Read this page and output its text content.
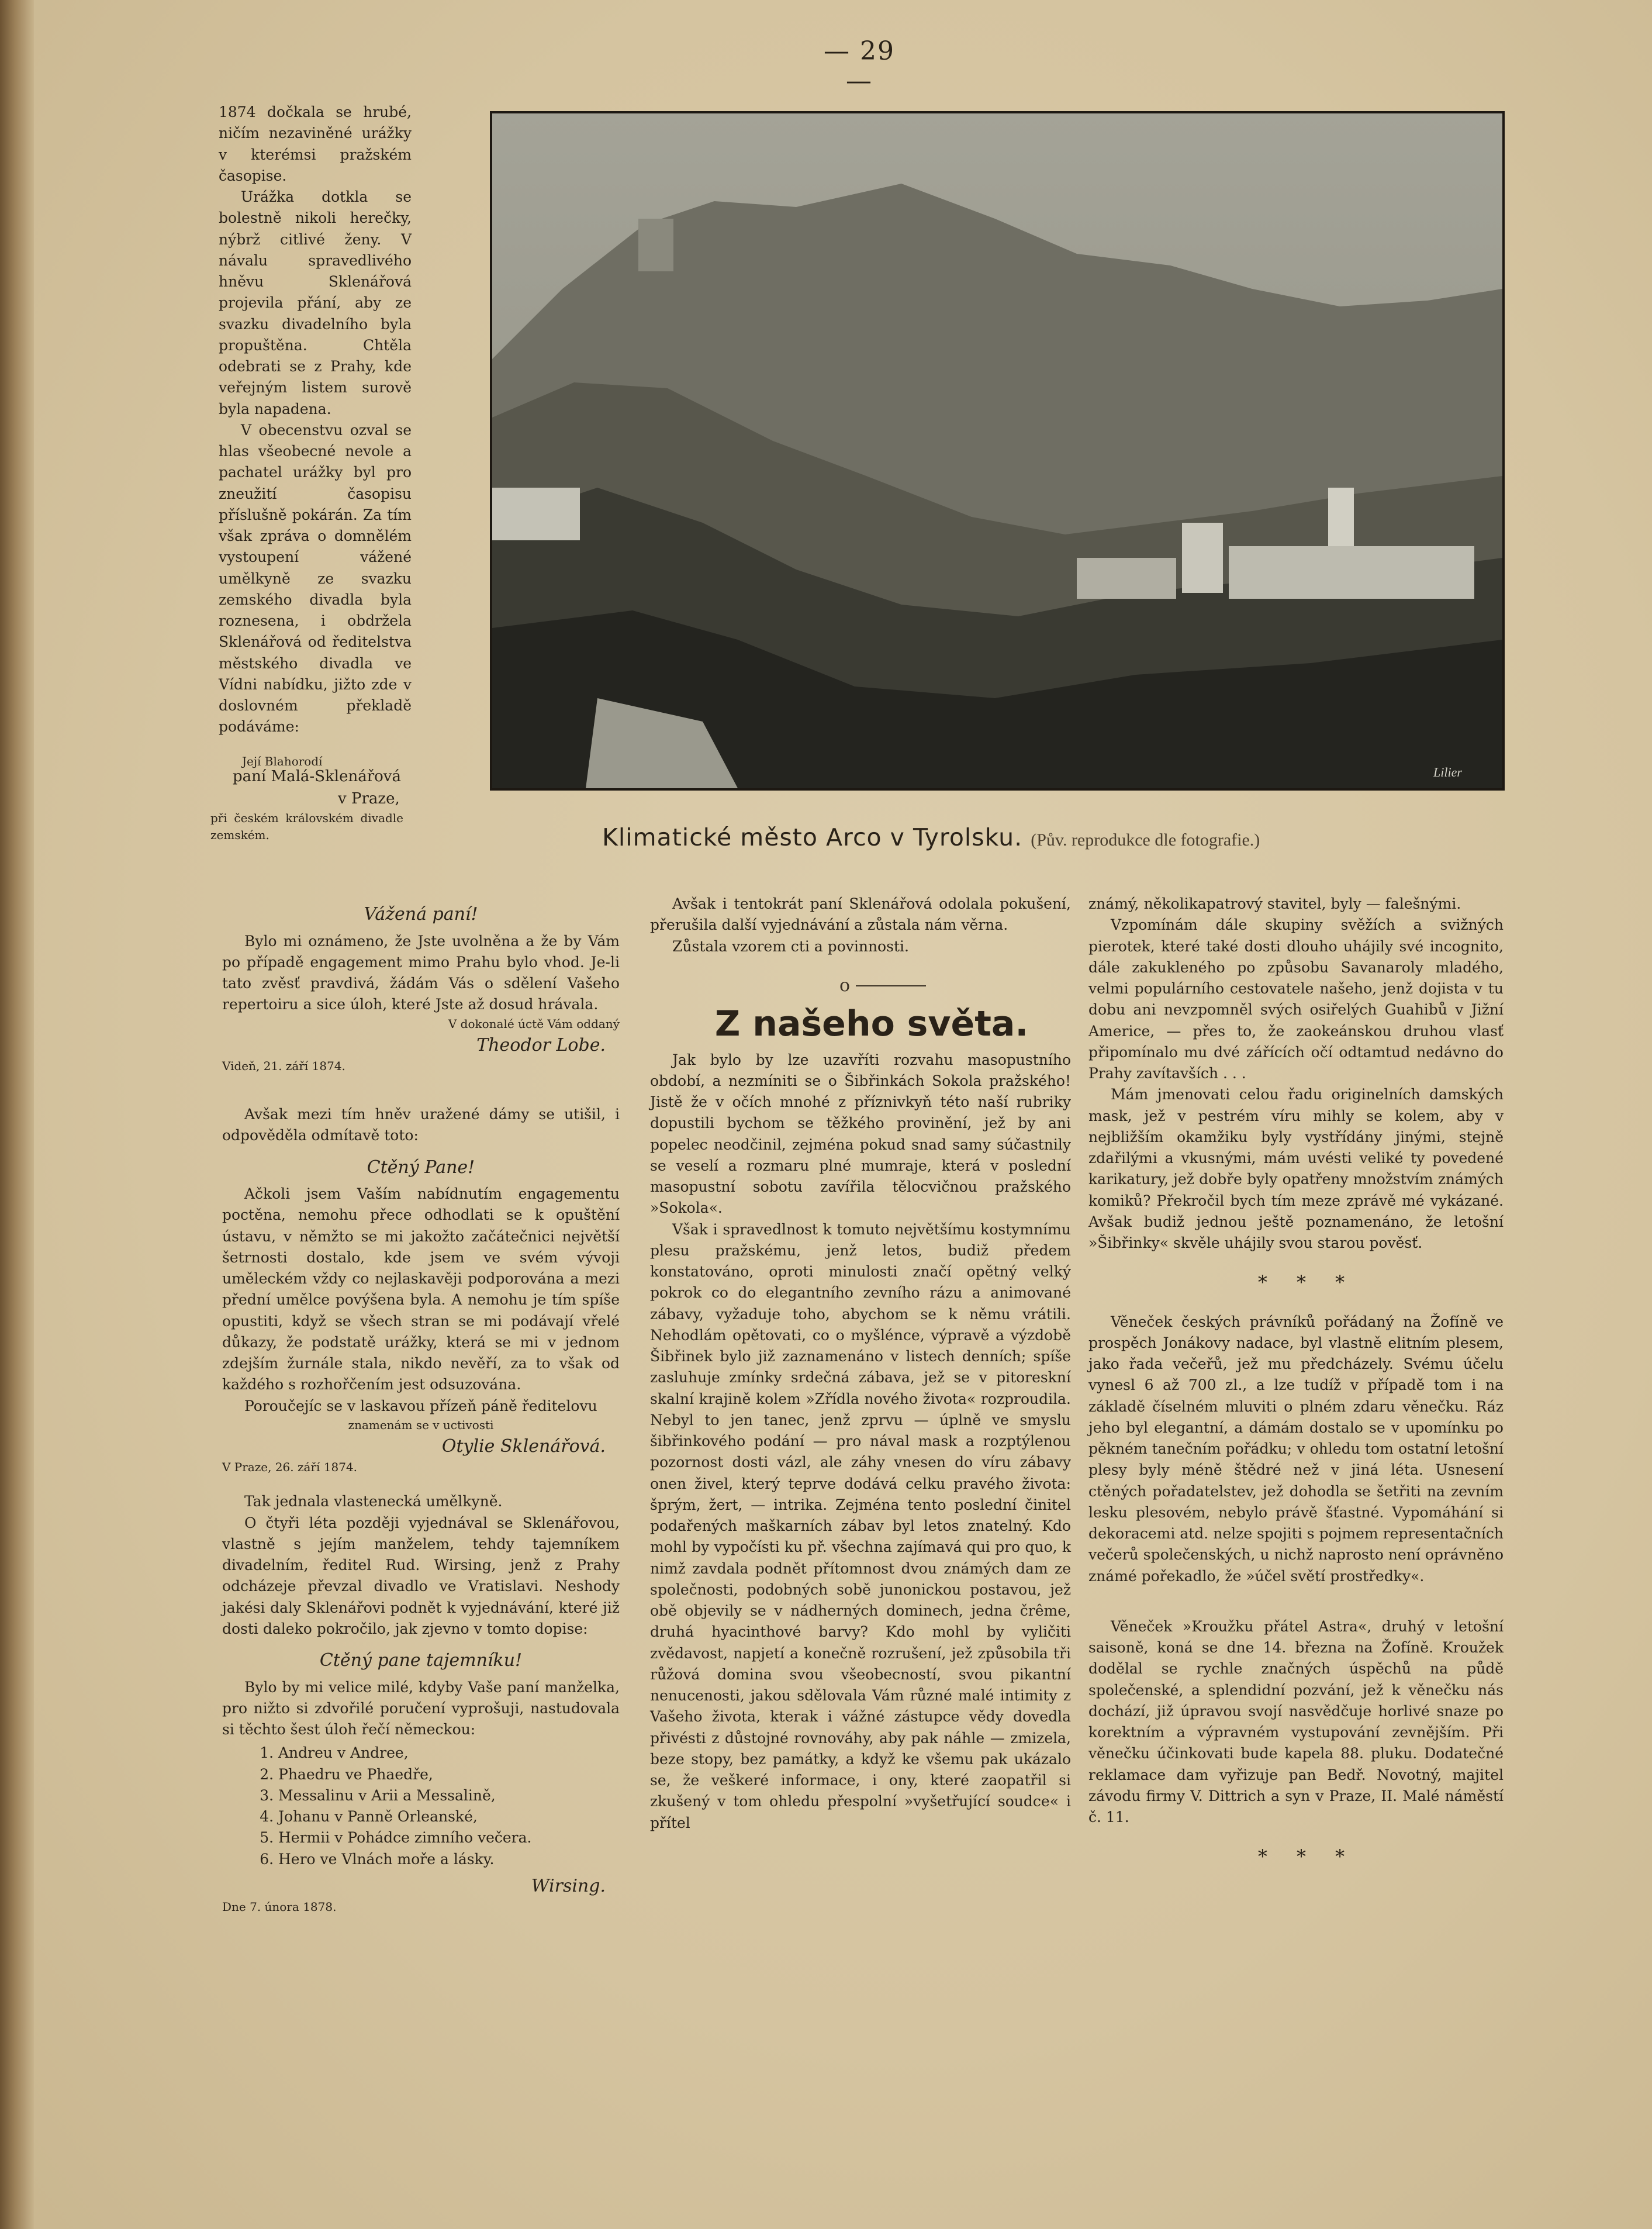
— 29 —
Lilier
Klimatické město Arco v Tyrolsku. (Pův. reprodukce dle fotografie.)

1874 dočkala se hrubé, ničím nezaviněné urážky v kterémsi pražském časopise.

Urážka dotkla se bolestně nikoli herečky, nýbrž citlivé ženy. V návalu spravedlivého hněvu Sklenářová projevila přání, aby ze svazku divadelního byla propuštěna. Chtěla odebrati se z Prahy, kde veřejným listem surově byla napadena.

V obecenstvu ozval se hlas všeobecné nevole a pachatel urážky byl pro zneužití časopisu příslušně pokárán. Za tím však zpráva o domnělém vystoupení vážené umělkyně ze svazku zemského divadla byla roznesena, i obdržela Sklenářová od ředitelstva městského divadla ve Vídni nabídku, jižto zde v doslovném překladě podáváme:

Její Blahorodí

paní Malá-Sklenářová

v Praze,

při českém královském divadle zemském.

Vážená paní!

Bylo mi oznámeno, že Jste uvolněna a že by Vám po případě engagement mimo Prahu bylo vhod. Je-li tato zvěsť pravdivá, žádám Vás o sdělení Vašeho repertoiru a sice úloh, které Jste až dosud hrávala.

V dokonalé úctě Vám oddaný

Theodor Lobe.

Videň, 21. září 1874.

Avšak mezi tím hněv uražené dámy se utišil, i odpověděla odmítavě toto:

Ctěný Pane!

Ačkoli jsem Vaším nabídnutím engagementu poctěna, nemohu přece odhodlati se k opuštění ústavu, v němžto se mi jakožto začátečnici největší šetrnosti dostalo, kde jsem ve svém vývoji uměleckém vždy co nejlaskavěji podporována a mezi přední umělce povýšena byla. A nemohu je tím spíše opustiti, když se všech stran se mi podávají vřelé důkazy, že podstatě urážky, která se mi v jednom zdejším žurnále stala, nikdo nevěří, za to však od každého s rozhořčením jest odsuzována.

Poroučejíc se v laskavou přízeň páně ředitelovu

znamenám se v uctivosti

Otylie Sklenářová.

V Praze, 26. září 1874.

Tak jednala vlastenecká umělkyně.

O čtyři léta později vyjednával se Sklenářovou, vlastně s jejím manželem, tehdy tajemníkem divadelním, ředitel Rud. Wirsing, jenž z Prahy odcházeje převzal divadlo ve Vratislavi. Neshody jakési daly Sklenářovi podnět k vyjednávání, které již dosti daleko pokročilo, jak zjevno v tomto dopise:

Ctěný pane tajemníku!

Bylo by mi velice milé, kdyby Vaše paní manželka, pro nižto si zdvořilé poručení vyprošuji, nastudovala si těchto šest úloh řečí německou:

1. Andreu v Andree,
2. Phaedru ve Phaedře,
3. Messalinu v Arii a Messalině,
4. Johanu v Panně Orleanské,
5. Hermii v Pohádce zimního večera.
6. Hero ve Vlnách moře a lásky.

Wirsing.

Dne 7. února 1878.

Avšak i tentokrát paní Sklenářová odolala pokušení, přerušila další vyjednávání a zůstala nám věrna.

Zůstala vzorem cti a povinnosti.

o

Z našeho světa.

Jak bylo by lze uzavříti rozvahu masopustního období, a nezmíniti se o Šibřinkách Sokola pražského! Jistě že v očích mnohé z příznivkyň této naší rubriky dopustili bychom se těžkého provinění, jež by ani popelec neodčinil, zejména pokud snad samy súčastnily se veselí a rozmaru plné mumraje, která v poslední masopustní sobotu zavířila tělocvičnou pražského »Sokola«.

Však i spravedlnost k tomuto největšímu kostymnímu plesu pražskému, jenž letos, budiž předem konstatováno, oproti minulosti značí opětný velký pokrok co do elegantního zevního rázu a animované zábavy, vyžaduje toho, abychom se k němu vrátili. Nehodlám opětovati, co o myšlénce, výpravě a výzdobě Šibřinek bylo již zaznamenáno v listech denních; spíše zasluhuje zmínky srdečná zábava, jež se v pitoreskní skalní krajině kolem »Zřídla nového života« rozproudila. Nebyl to jen tanec, jenž zprvu — úplně ve smyslu šibřinkového podání — pro nával mask a rozptýlenou pozornost dosti vázl, ale záhy vnesen do víru zábavy onen živel, který teprve dodává celku pravého života: šprým, žert, — intrika. Zejména tento poslední činitel podařených maškarních zábav byl letos znatelný. Kdo mohl by vypočísti ku př. všechna zajímavá qui pro quo, k nimž zavdala podnět přítomnost dvou známých dam ze společnosti, podobných sobě junonickou postavou, jež obě objevily se v nádherných dominech, jedna črême, druhá hyacinthové barvy? Kdo mohl by vyličiti zvědavost, napjetí a konečně rozrušení, jež způsobila tři růžová domina svou všeobecností, svou pikantní nenucenosti, jakou sdělovala Vám různé malé intimity z Vašeho života, kterak i vážné zástupce vědy dovedla přivésti z důstojné rovnováhy, aby pak náhle — zmizela, beze stopy, bez památky, a když ke všemu pak ukázalo se, že veškeré informace, i ony, které zaopatřil si zkušený v tom ohledu přespolní »vyšetřující soudce« i přítel

známý, několikapatrový stavitel, byly — falešnými.

Vzpomínám dále skupiny svěžích a svižných pierotek, které také dosti dlouho uhájily své incognito, dále zakukleného po způsobu Savanaroly mladého, velmi populárního cestovatele našeho, jenž dojista v tu dobu ani nevzpomněl svých osiřelých Guahibů v Jižní Americe, — přes to, že zaokeánskou druhou vlasť připomínalo mu dvé zářících očí odtamtud nedávno do Prahy zavítavších . . .

Mám jmenovati celou řadu originelních damských mask, jež v pestrém víru mihly se kolem, aby v nejbližším okamžiku byly vystřídány jinými, stejně zdařilými a vkusnými, mám uvésti veliké ty povedené karikatury, jež dobře byly opatřeny množstvím známých komiků? Překročil bych tím meze zprávě mé vykázané. Avšak budiž jednou ještě poznamenáno, že letošní »Šibřinky« skvěle uhájily svou starou pověsť.

* * *

Věneček českých právníků pořádaný na Žofíně ve prospěch Jonákovy nadace, byl vlastně elitním plesem, jako řada večeřů, jež mu předcházely. Svému účelu vynesl 6 až 700 zl., a lze tudíž v případě tom i na základě číselném mluviti o plném zdaru věnečku. Ráz jeho byl elegantní, a dámám dostalo se v upomínku po pěkném tanečním pořádku; v ohledu tom ostatní letošní plesy byly méně štědré než v jiná léta. Usnesení ctěných pořadatelstev, jež dohodla se šetřiti na zevním lesku plesovém, nebylo právě šťastné. Vypomáhání si dekoracemi atd. nelze spojiti s pojmem representačních večerů společenských, u nichž naprosto není oprávněno známé pořekadlo, že »účel světí prostředky«.

Věneček »Kroužku přátel Astra«, druhý v letošní saisoně, koná se dne 14. března na Žofíně. Kroužek dodělal se rychle značných úspěchů na půdě společenské, a splendidní pozvání, jež k věnečku nás dochází, již úpravou svojí nasvědčuje horlivé snaze po korektním a výpravném vystupování zevnějším. Při věnečku účinkovati bude kapela 88. pluku. Dodatečné reklamace dam vyřizuje pan Bedř. Novotný, majitel závodu firmy V. Dittrich a syn v Praze, II. Malé náměstí č. 11.

* * *
